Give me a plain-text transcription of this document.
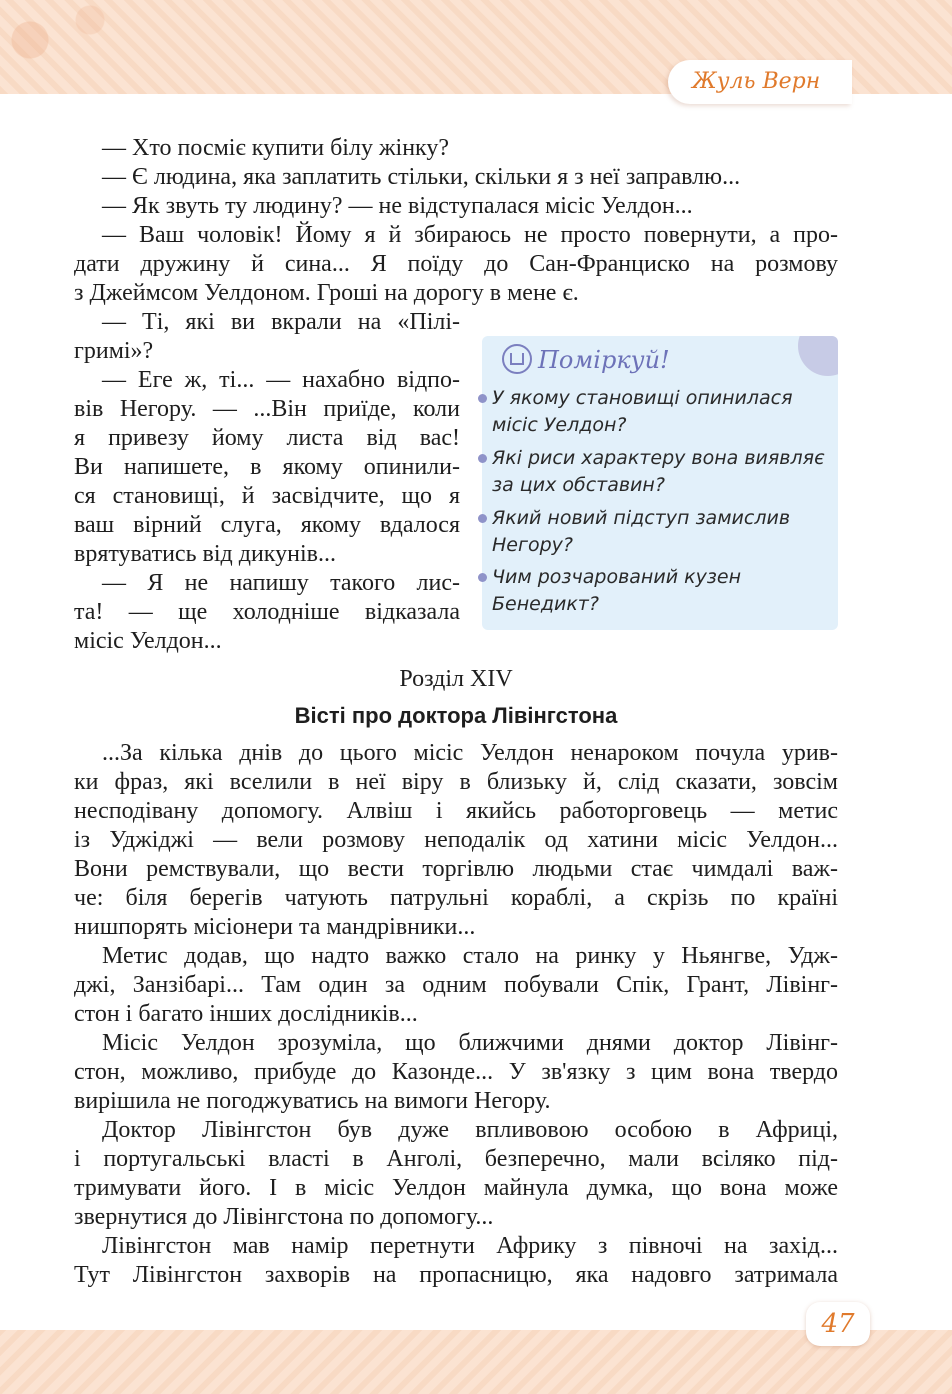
Жуль Верн

— Хто посміє купити білу жінку?

— Є людина, яка заплатить стільки, скільки я з неї заправлю...

— Як звуть ту людину? — не відступалася місіс Уелдон...

— Ваш чоловік! Йому я й збираюсь не просто повернути, а про-

дати дружину й сина... Я поїду до Сан-Франциско на розмову

з Джеймсом Уелдоном. Гроші на дорогу в мене є.

— Ті, які ви вкрали на «Пілі-

гримі»?

— Еге ж, ті... — нахабно відпо-

вів Негору. — ...Він приїде, коли

я привезу йому листа від вас!

Ви напишете, в якому опинили-

ся становищі, й засвідчите, що я

ваш вірний слуга, якому вдалося

врятуватись від дикунів...

— Я не напишу такого лис-

та! — ще холодніше відказала

місіс Уелдон...

Поміркуй!
У якому становищі опинилася
місіс Уелдон?
Які риси характеру вона виявляє
за цих обставин?
Який новий підступ замислив
Негору?
Чим розчарований кузен
Бенедикт?

Розділ XIV

Вісті про доктора Лівінгстона

...За кілька днів до цього місіс Уелдон ненароком почула урив-

ки фраз, які вселили в неї віру в близьку й, слід сказати, зовсім

несподівану допомогу. Алвіш і якийсь работорговець — метис

із Уджіджі — вели розмову неподалік од хатини місіс Уелдон...

Вони ремствували, що вести торгівлю людьми стає чимдалі важ-

че: біля берегів чатують патрульні кораблі, а скрізь по країні

нишпорять місіонери та мандрівники...

Метис додав, що надто важко стало на ринку у Ньянгве, Удж-

джі, Занзібарі... Там один за одним побували Спік, Грант, Лівінг-

стон і багато інших дослідників...

Місіс Уелдон зрозуміла, що ближчими днями доктор Лівінг-

стон, можливо, прибуде до Казонде... У зв'язку з цим вона твердо

вирішила не погоджуватись на вимоги Негору.

Доктор Лівінгстон був дуже впливовою особою в Африці,

і португальські власті в Анголі, безперечно, мали всіляко під-

тримувати його. І в місіс Уелдон майнула думка, що вона може

звернутися до Лівінгстона по допомогу...

Лівінгстон мав намір перетнути Африку з півночі на захід...

Тут Лівінгстон захворів на пропасницю, яка надовго затримала

47
